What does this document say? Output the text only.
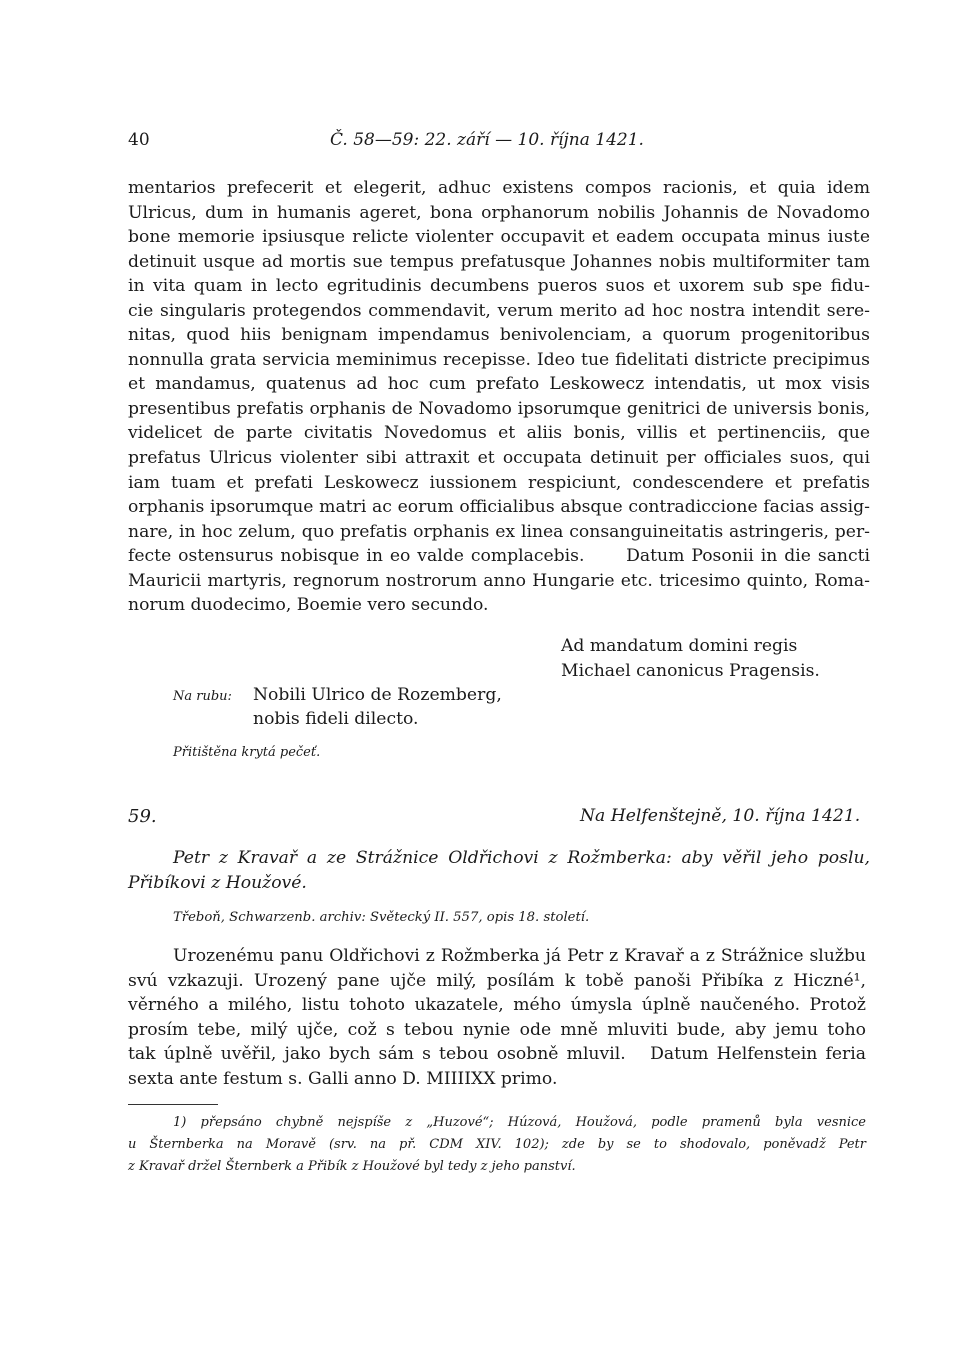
40	Č. 58—59: 22. září — 10. října 1421.
mentarios prefecerit et elegerit, adhuc existens compos racionis, et quia idem
Ulricus, dum in humanis ageret, bona orphanorum nobilis Johannis de Novadomo
bone memorie ipsiusque relicte violenter occupavit et eadem occupata minus iuste
detinuit usque ad mortis sue tempus prefatusque Johannes nobis multiformiter tam
in vita quam in lecto egritudinis decumbens pueros suos et uxorem sub spe fidu-
cie singularis protegendos commendavit, verum merito ad hoc nostra intendit sere-
nitas, quod hiis benignam impendamus benivolenciam, a quorum progenitoribus
nonnulla grata servicia meminimus recepisse. Ideo tue fidelitati districte precipimus
et mandamus, quatenus ad hoc cum prefato Leskowecz intendatis, ut mox visis
presentibus prefatis orphanis de Novadomo ipsorumque genitrici de universis bonis,
videlicet de parte civitatis Novedomus et aliis bonis, villis et pertinenciis, que
prefatus Ulricus violenter sibi attraxit et occupata detinuit per officiales suos, qui
iam tuam et prefati Leskowecz iussionem respiciunt, condescendere et prefatis
orphanis ipsorumque matri ac eorum officialibus absque contradiccione facias assig-
nare, in hoc zelum, quo prefatis orphanis ex linea consanguineitatis astringeris, per-
fecte ostensurus nobisque in eo valde complacebis.      Datum Posonii in die sancti
Mauricii martyris, regnorum nostrorum anno Hungarie etc. tricesimo quinto, Roma-
norum duodecimo, Boemie vero secundo.
Ad mandatum domini regis
Michael canonicus Pragensis.
Na rubu:	Nobili Ulrico de Rozemberg,
nobis fideli dilecto.
Přitištěna krytá pečeť.
59.	Na Helfenštejně, 10. října 1421.
Petr z Kravař a ze Strážnice Oldřichovi z Rožmberka: aby věřil jeho poslu,
Přibíkovi z Houžové.
Třeboň, Schwarzenb. archiv: Světecký II. 557, opis 18. století.
Urozenému panu Oldřichovi z Rožmberka já Petr z Kravař a z Strážnice službu
svú vzkazuji. Urozený pane ujče milý, posílám k tobě panoši Přibíka z Hiczné¹,
věrného a milého, listu tohoto ukazatele, mého úmysla úplně naučeného. Protož
prosím tebe, milý ujče, což s tebou nynie ode mně mluviti bude, aby jemu toho
tak úplně uvěřil, jako bych sám s tebou osobně mluvil.   Datum Helfenstein feria
sexta ante festum s. Galli anno D. MIIIIXX primo.
1) přepsáno chybně nejspíše z „Huzové“; Húzová, Houžová, podle pramenů byla vesnice
u Šternberka na Moravě (srv. na př. CDM XIV. 102); zde by se to shodovalo, poněvadž Petr
z Kravař držel Šternberk a Přibík z Houžové byl tedy z jeho panství.
